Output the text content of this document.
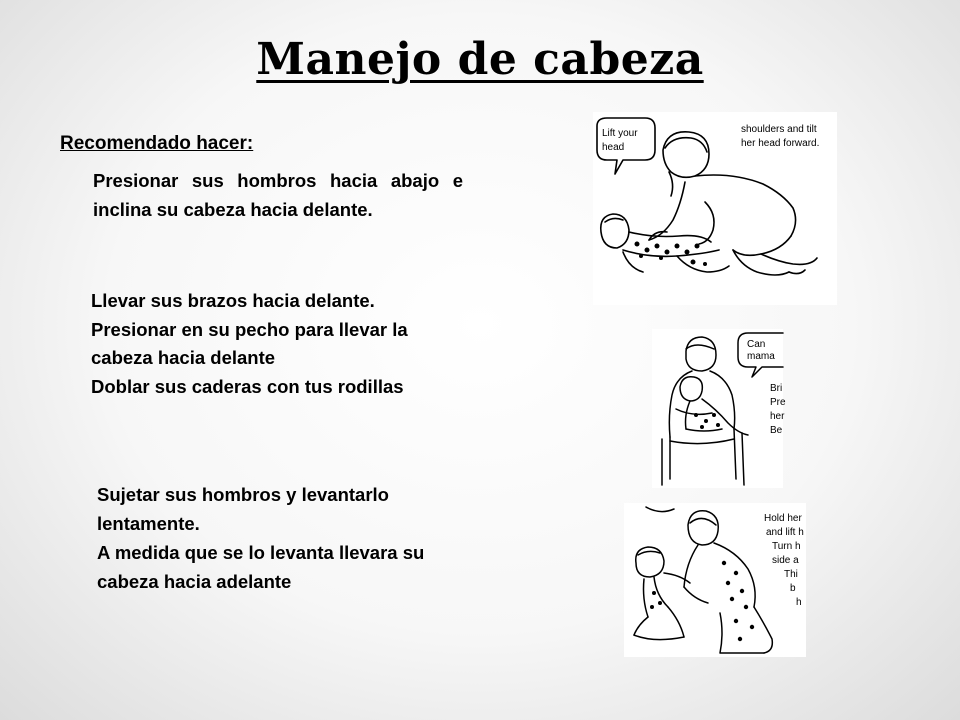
Manejo de cabeza
Recomendado hacer:
Presionar sus hombros hacia abajo e inclina su cabeza hacia delante.
Llevar sus brazos hacia delante.
Presionar en su pecho para llevar la
cabeza hacia delante
Doblar sus caderas con tus rodillas
Sujetar sus hombros y levantarlo
lentamente.
A medida que se lo levanta llevara su
cabeza hacia adelante
Lift your
head
shoulders and tilt
her head forward.
Can
mama
Bri
Pre
her
Be
Hold her
and lift h
Turn h
side a
Thi
b
h
